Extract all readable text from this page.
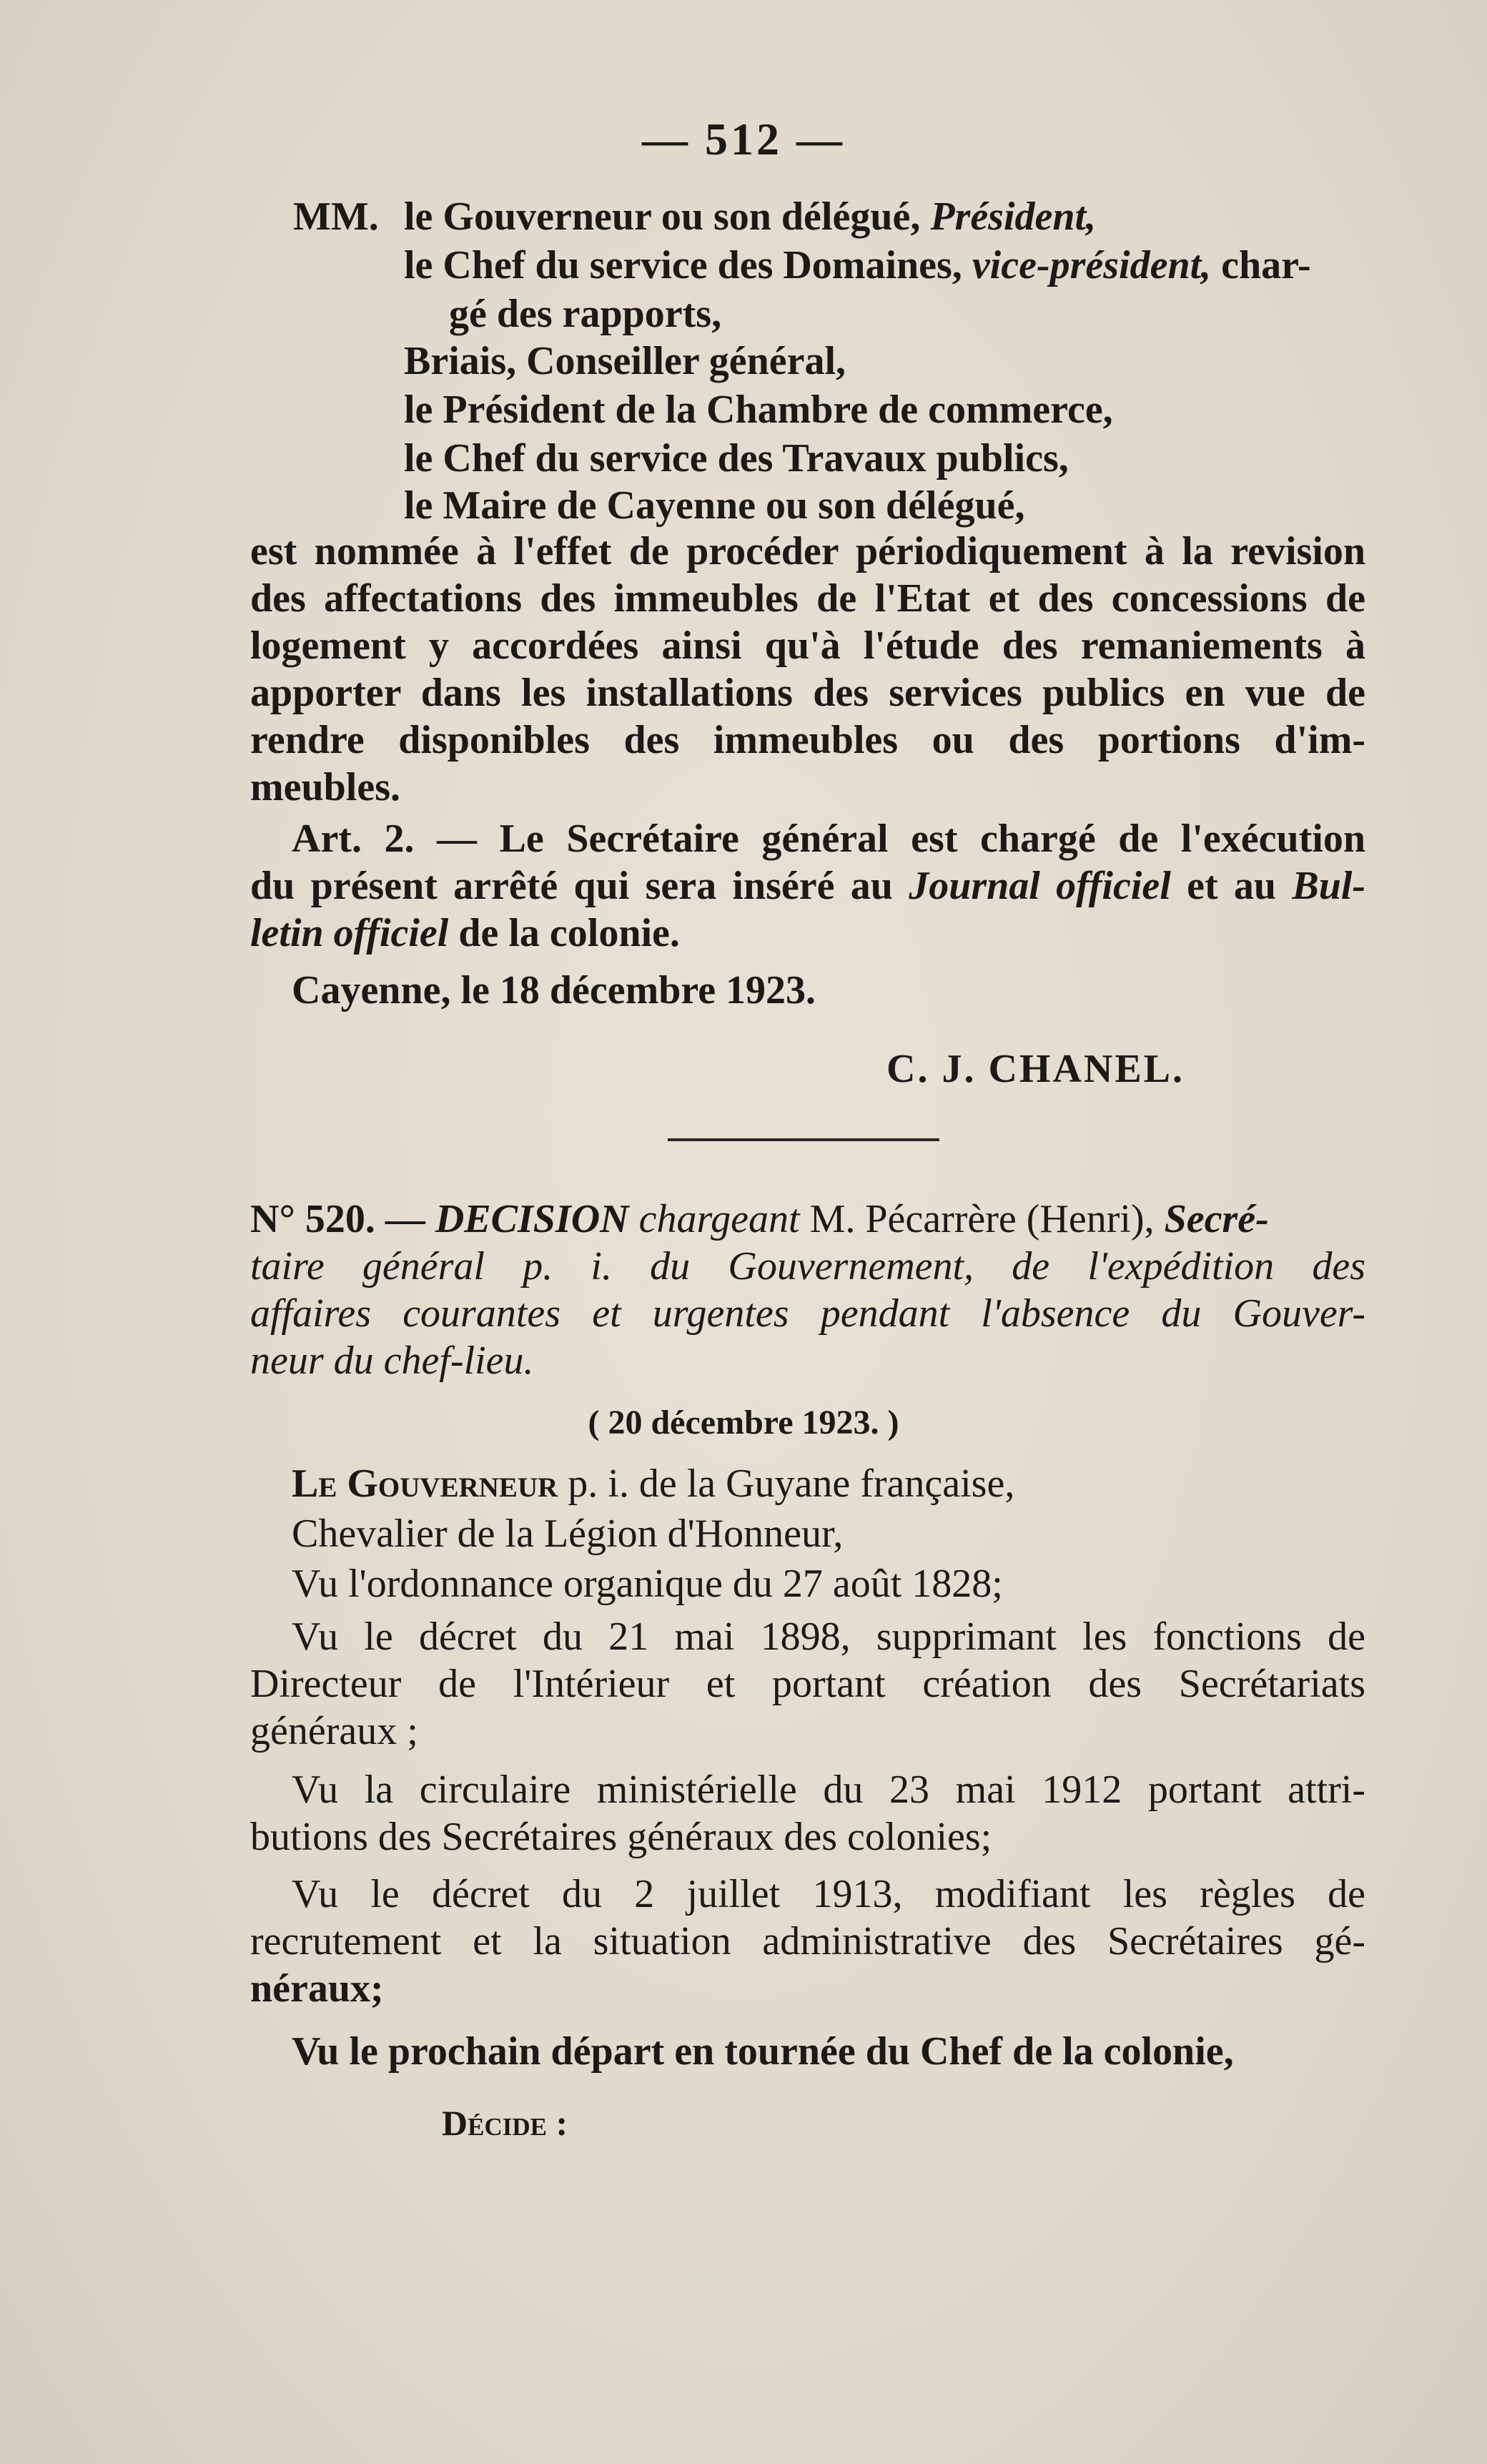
— 512 —
MM. le Gouverneur ou son délégué, Président,
le Chef du service des Domaines, vice-président, char-
gé des rapports,
Briais, Conseiller général,
le Président de la Chambre de commerce,
le Chef du service des Travaux publics,
le Maire de Cayenne ou son délégué,
est nommée à l'effet de procéder périodiquement à la revision
des affectations des immeubles de l'Etat et des concessions de
logement y accordées ainsi qu'à l'étude des remaniements à
apporter dans les installations des services publics en vue de
rendre disponibles des immeubles ou des portions d'im-
meubles.
Art. 2. — Le Secrétaire général est chargé de l'exécution
du présent arrêté qui sera inséré au Journal officiel et au Bul-
letin officiel de la colonie.
Cayenne, le 18 décembre 1923.
C. J. CHANEL.
N° 520. — DECISION chargeant M. Pécarrère (Henri), Secré-
taire général p. i. du Gouvernement, de l'expédition des
affaires courantes et urgentes pendant l'absence du Gouver-
neur du chef-lieu.
( 20 décembre 1923. )
Le Gouverneur p. i. de la Guyane française,
Chevalier de la Légion d'Honneur,
Vu l'ordonnance organique du 27 août 1828;
Vu le décret du 21 mai 1898, supprimant les fonctions de
Directeur de l'Intérieur et portant création des Secrétariats
généraux ;
Vu la circulaire ministérielle du 23 mai 1912 portant attri-
butions des Secrétaires généraux des colonies;
Vu le décret du 2 juillet 1913, modifiant les règles de
recrutement et la situation administrative des Secrétaires gé-
néraux;
Vu le prochain départ en tournée du Chef de la colonie,
Décide :
